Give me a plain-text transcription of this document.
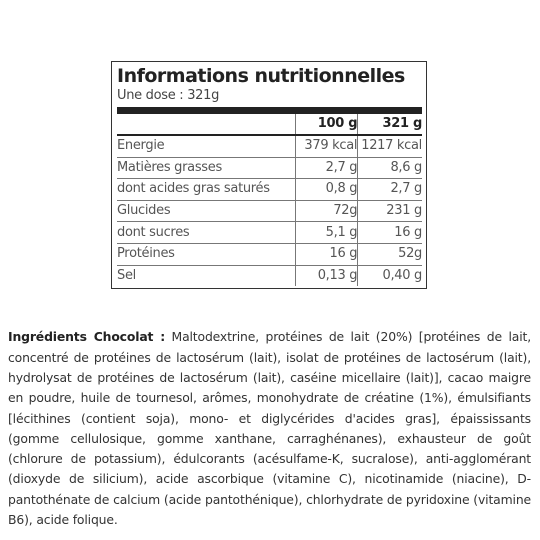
Informations nutritionnelles
Une dose : 321g
	100 g	321 g
Energie	379 kcal	1217 kcal
Matières grasses	2,7 g	8,6 g
dont acides gras saturés	0,8 g	2,7 g
Glucides	72g	231 g
dont sucres	5,1 g	16 g
Protéines	16 g	52g
Sel	0,13 g	0,40 g

Ingrédients Chocolat : Maltodextrine, protéines de lait (20%) [protéines de lait, concentré de protéines de lactosérum (lait), isolat de protéines de lactosérum (lait), hydrolysat de protéines de lactosérum (lait), caséine micellaire (lait)], cacao maigre en poudre, huile de tournesol, arômes, monohydrate de créatine (1%), émulsifiants [lécithines (contient soja), mono- et diglycérides d'acides gras], épaississants (gomme cellulosique, gomme xanthane, carraghénanes), exhausteur de goût (chlorure de potassium), édulcorants (acésulfame-K, sucralose), anti-agglomérant (dioxyde de silicium), acide ascorbique (vitamine C), nicotinamide (niacine), D-pantothénate de calcium (acide pantothénique), chlorhydrate de pyridoxine (vitamine B6), acide folique.
